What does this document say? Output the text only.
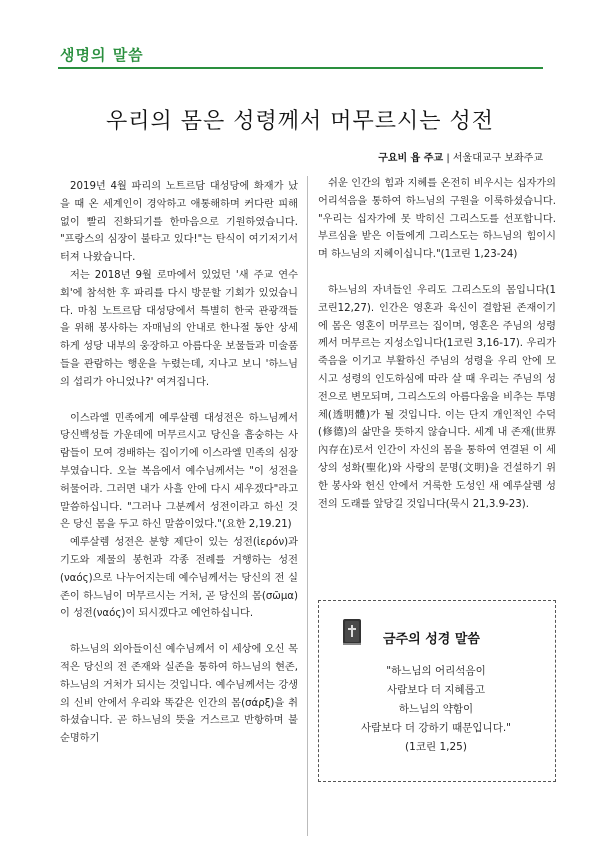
생명의 말씀
우리의 몸은 성령께서 머무르시는 성전
구요비 욥 주교 | 서울대교구 보좌주교

2019년 4월 파리의 노트르담 대성당에 화재가 났을 때 온 세계인이 경악하고 애통해하며 커다란 피해 없이 빨리 진화되기를 한마음으로 기원하였습니다. "프랑스의 심장이 불타고 있다!"는 탄식이 여기저기서 터져 나왔습니다.

저는 2018년 9월 로마에서 있었던 '새 주교 연수회'에 참석한 후 파리를 다시 방문할 기회가 있었습니다. 마침 노트르담 대성당에서 특별히 한국 관광객들을 위해 봉사하는 자매님의 안내로 한나절 동안 상세하게 성당 내부의 웅장하고 아름다운 보물들과 미술품들을 관람하는 행운을 누렸는데, 지나고 보니 '하느님의 섭리가 아니었나?' 여겨집니다.

이스라엘 민족에게 예루살렘 대성전은 하느님께서 당신백성들 가운데에 머무르시고 당신을 흠숭하는 사람들이 모여 경배하는 집이기에 이스라엘 민족의 심장부였습니다. 오늘 복음에서 예수님께서는 "이 성전을 허물어라. 그러면 내가 사흘 안에 다시 세우겠다"라고 말씀하십니다. "그러나 그분께서 성전이라고 하신 것은 당신 몸을 두고 하신 말씀이었다."(요한 2,19.21)

예루살렘 성전은 분향 제단이 있는 성전(ἱερόν)과 기도와 제물의 봉헌과 각종 전례를 거행하는 성전(ναός)으로 나누어지는데 예수님께서는 당신의 전 실존이 하느님이 머무르시는 거처, 곧 당신의 몸(σῶμα)이 성전(ναός)이 되시겠다고 예언하십니다.

하느님의 외아들이신 예수님께서 이 세상에 오신 목적은 당신의 전 존재와 실존을 통하여 하느님의 현존, 하느님의 거처가 되시는 것입니다. 예수님께서는 강생의 신비 안에서 우리와 똑같은 인간의 몸(σάρξ)을 취하셨습니다. 곧 하느님의 뜻을 거스르고 반항하며 불순명하기

쉬운 인간의 힘과 지혜를 온전히 비우시는 십자가의 어리석음을 통하여 하느님의 구원을 이룩하셨습니다. "우리는 십자가에 못 박히신 그리스도를 선포합니다. 부르심을 받은 이들에게 그리스도는 하느님의 힘이시며 하느님의 지혜이십니다."(1코린 1,23-24)

하느님의 자녀들인 우리도 그리스도의 몸입니다(1코린12,27). 인간은 영혼과 육신이 결합된 존재이기에 몸은 영혼이 머무르는 집이며, 영혼은 주님의 성령께서 머무르는 지성소입니다(1코린 3,16-17). 우리가 죽음을 이기고 부활하신 주님의 성령을 우리 안에 모시고 성령의 인도하심에 따라 살 때 우리는 주님의 성전으로 변모되며, 그리스도의 아름다움을 비추는 투명체(透明體)가 될 것입니다. 이는 단지 개인적인 수덕(修德)의 삶만을 뜻하지 않습니다. 세계 내 존재(世界內存在)로서 인간이 자신의 몸을 통하여 연결된 이 세상의 성화(聖化)와 사랑의 문명(文明)을 건설하기 위한 봉사와 헌신 안에서 거룩한 도성인 새 예루살렘 성전의 도래를 앞당길 것입니다(묵시 21,3.9-23).

금주의 성경 말씀
"하느님의 어리석음이
사람보다 더 지혜롭고
하느님의 약함이
사람보다 더 강하기 때문입니다."
(1코린 1,25)
